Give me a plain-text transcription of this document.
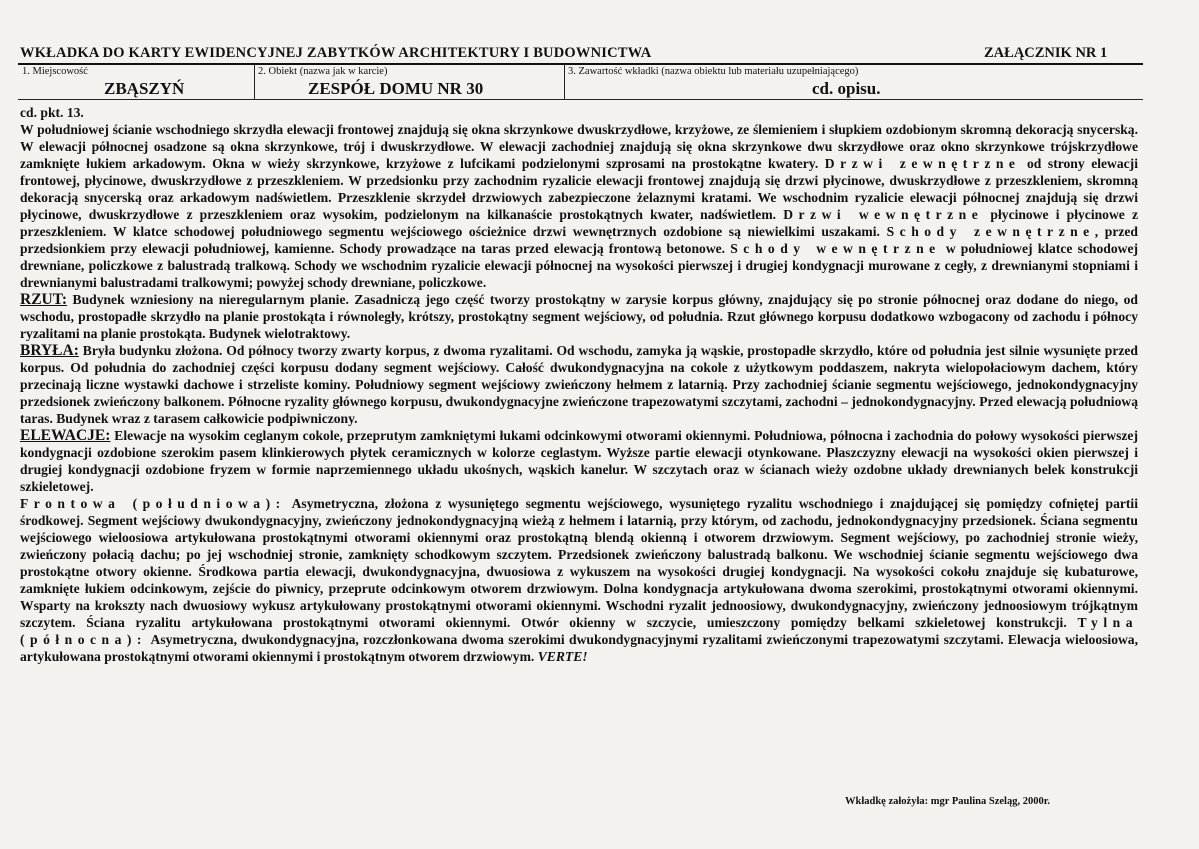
WKŁADKA DO KARTY EWIDENCYJNEJ ZABYTKÓW ARCHITEKTURY I BUDOWNICTWA	ZAŁĄCZNIK NR 1
1. Miejscowość
ZBĄSZYŃ
2. Obiekt (nazwa jak w karcie)
ZESPÓŁ DOMU NR 30
3. Zawartość wkładki (nazwa obiektu lub materiału uzupełniającego)
cd. opisu.
cd. pkt. 13.
W południowej ścianie wschodniego skrzydła elewacji frontowej znajdują się okna skrzynkowe dwuskrzydłowe, krzyżowe, ze ślemieniem i słupkiem ozdobionym skromną dekoracją snycerską. W elewacji północnej osadzone są okna skrzynkowe, trój i dwuskrzydłowe. W elewacji zachodniej znajdują się okna skrzynkowe dwu skrzydłowe oraz okno skrzynkowe trójskrzydłowe zamknięte łukiem arkadowym. Okna w wieży skrzynkowe, krzyżowe z lufcikami podzielonymi szprosami na prostokątne kwatery. Drzwi zewnętrzne od strony elewacji frontowej, płycinowe, dwuskrzydłowe z przeszkleniem. W przedsionku przy zachodnim ryzalicie elewacji frontowej znajdują się drzwi płycinowe, dwuskrzydłowe z przeszkleniem, skromną dekoracją snycerską oraz arkadowym nadświetlem. Przeszklenie skrzydeł drzwiowych zabezpieczone żelaznymi kratami. We wschodnim ryzalicie elewacji północnej znajdują się drzwi płycinowe, dwuskrzydłowe z przeszkleniem oraz wysokim, podzielonym na kilkanaście prostokątnych kwater, nadświetlem. Drzwi wewnętrzne płycinowe i płycinowe z przeszkleniem. W klatce schodowej południowego segmentu wejściowego ościeżnice drzwi wewnętrznych ozdobione są niewielkimi uszakami. Schody zewnętrzne, przed przedsionkiem przy elewacji południowej, kamienne. Schody prowadzące na taras przed elewacją frontową betonowe. Schody wewnętrzne w południowej klatce schodowej drewniane, policzkowe z balustradą tralkową. Schody we wschodnim ryzalicie elewacji północnej na wysokości pierwszej i drugiej kondygnacji murowane z cegły, z drewnianymi stopniami i drewnianymi balustradami tralkowymi; powyżej schody drewniane, policzkowe.
RZUT: Budynek wzniesiony na nieregularnym planie. Zasadniczą jego część tworzy prostokątny w zarysie korpus główny, znajdujący się po stronie północnej oraz dodane do niego, od wschodu, prostopadłe skrzydło na planie prostokąta i równoległy, krótszy, prostokątny segment wejściowy, od południa. Rzut głównego korpusu dodatkowo wzbogacony od zachodu i północy ryzalitami na planie prostokąta. Budynek wielotraktowy.
BRYŁA: Bryła budynku złożona. Od północy tworzy zwarty korpus, z dwoma ryzalitami. Od wschodu, zamyka ją wąskie, prostopadłe skrzydło, które od południa jest silnie wysunięte przed korpus. Od południa do zachodniej części korpusu dodany segment wejściowy. Całość dwukondygnacyjna na cokole z użytkowym poddaszem, nakryta wielopołaciowym dachem, który przecinają liczne wystawki dachowe i strzeliste kominy. Południowy segment wejściowy zwieńczony hełmem z latarnią. Przy zachodniej ścianie segmentu wejściowego, jednokondygnacyjny przedsionek zwieńczony balkonem. Północne ryzality głównego korpusu, dwukondygnacyjne zwieńczone trapezowatymi szczytami, zachodni – jednokondygnacyjny. Przed elewacją południową taras. Budynek wraz z tarasem całkowicie podpiwniczony.
ELEWACJE: Elewacje na wysokim ceglanym cokole, przeprutym zamkniętymi łukami odcinkowymi otworami okiennymi. Południowa, północna i zachodnia do połowy wysokości pierwszej kondygnacji ozdobione szerokim pasem klinkierowych płytek ceramicznych w kolorze ceglastym. Wyższe partie elewacji otynkowane. Płaszczyzny elewacji na wysokości okien pierwszej i drugiej kondygnacji ozdobione fryzem w formie naprzemiennego układu ukośnych, wąskich kanelur. W szczytach oraz w ścianach wieży ozdobne układy drewnianych belek konstrukcji szkieletowej.
Frontowa (południowa): Asymetryczna, złożona z wysuniętego segmentu wejściowego, wysuniętego ryzalitu wschodniego i znajdującej się pomiędzy cofniętej partii środkowej. Segment wejściowy dwukondygnacyjny, zwieńczony jednokondygnacyjną wieżą z hełmem i latarnią, przy którym, od zachodu, jednokondygnacyjny przedsionek. Ściana segmentu wejściowego wieloosiowa artykułowana prostokątnymi otworami okiennymi oraz prostokątną blendą okienną i otworem drzwiowym. Segment wejściowy, po zachodniej stronie wieży, zwieńczony połacią dachu; po jej wschodniej stronie, zamknięty schodkowym szczytem. Przedsionek zwieńczony balustradą balkonu. We wschodniej ścianie segmentu wejściowego dwa prostokątne otwory okienne. Środkowa partia elewacji, dwukondygnacyjna, dwuosiowa z wykuszem na wysokości drugiej kondygnacji. Na wysokości cokołu znajduje się kubaturowe, zamknięte łukiem odcinkowym, zejście do piwnicy, przeprute odcinkowym otworem drzwiowym. Dolna kondygnacja artykułowana dwoma szerokimi, prostokątnymi otworami okiennymi. Wsparty na krokszty nach dwuosiowy wykusz artykułowany prostokątnymi otworami okiennymi. Wschodni ryzalit jednoosiowy, dwukondygnacyjny, zwieńczony jednoosiowym trójkątnym szczytem. Ściana ryzalitu artykułowana prostokątnymi otworami okiennymi. Otwór okienny w szczycie, umieszczony pomiędzy belkami szkieletowej konstrukcji. Tylna (północna): Asymetryczna, dwukondygnacyjna, rozczłonkowana dwoma szerokimi dwukondygnacyjnymi ryzalitami zwieńczonymi trapezowatymi szczytami. Elewacja wieloosiowa, artykułowana prostokątnymi otworami okiennymi i prostokątnym otworem drzwiowym. VERTE!
Wkładkę założyła: mgr Paulina Szeląg, 2000r.
